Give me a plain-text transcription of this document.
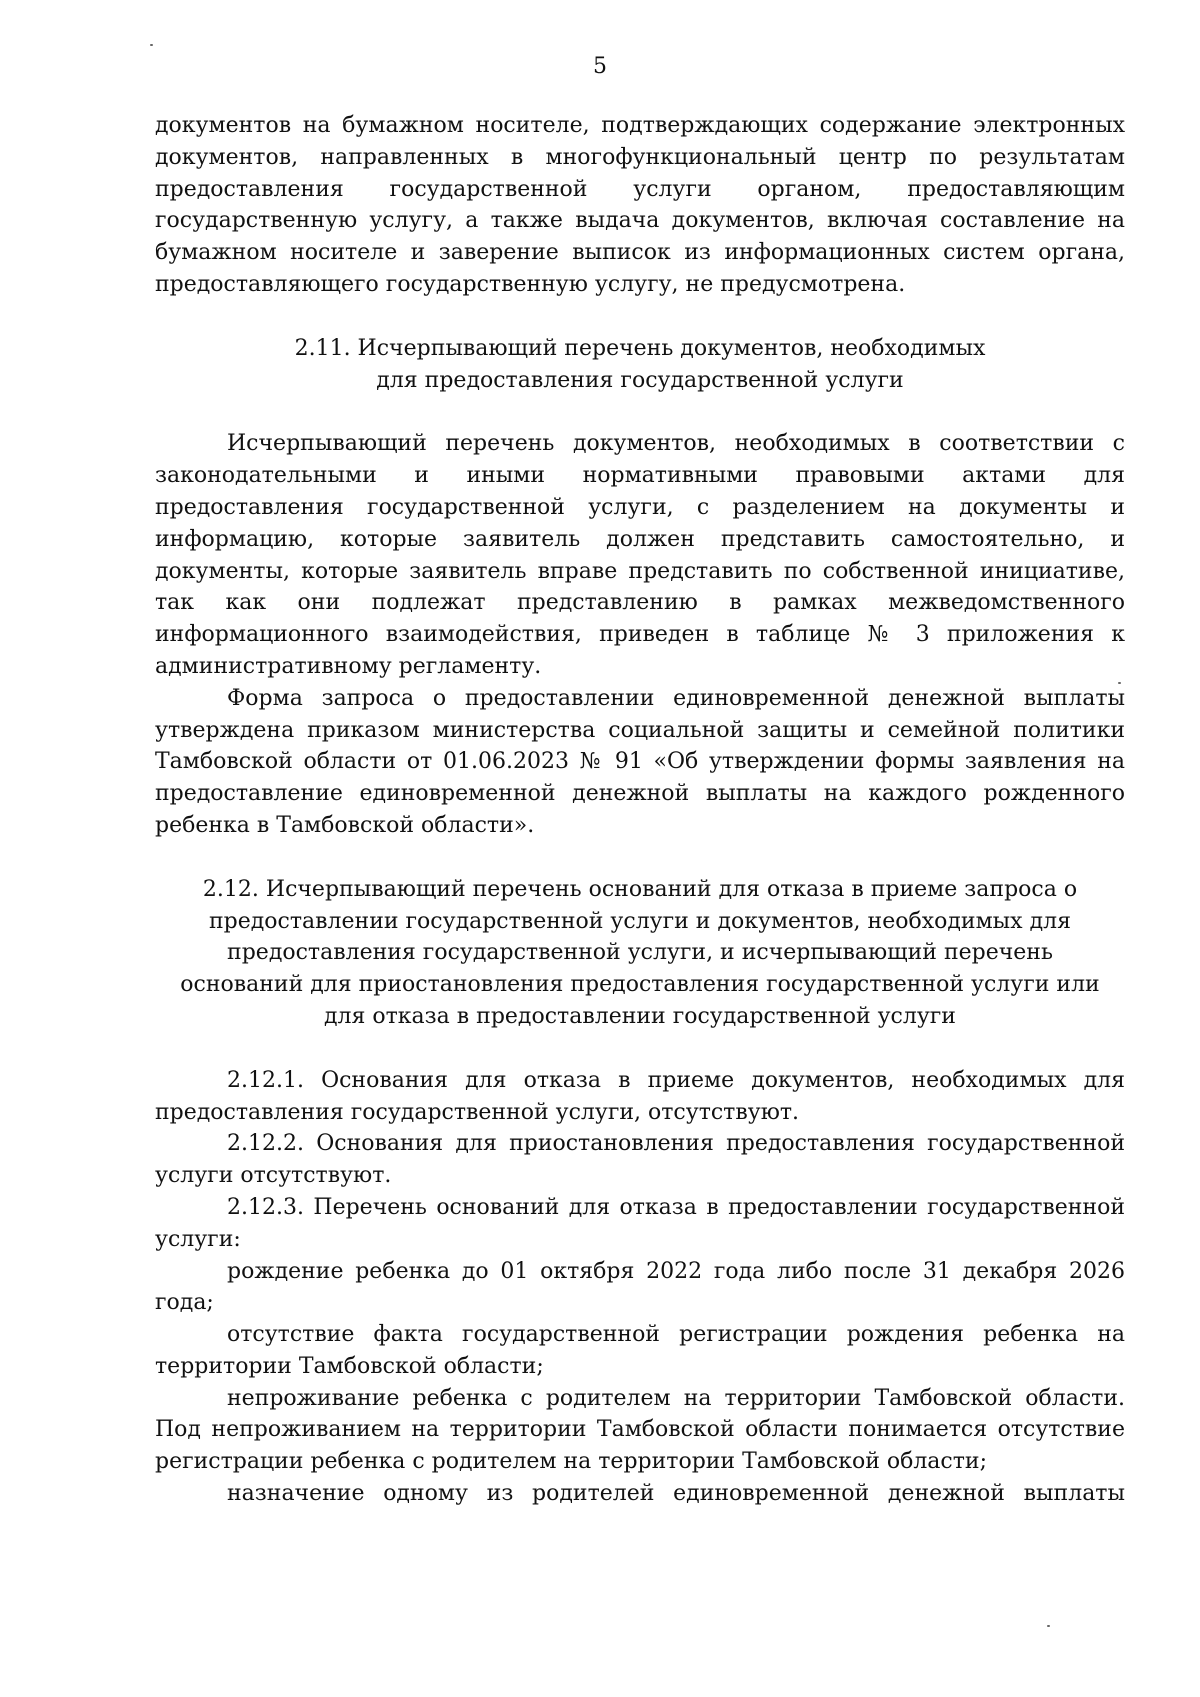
5

документов на бумажном носителе, подтверждающих содержание электронных документов, направленных в многофункциональный центр по результатам предоставления государственной услуги органом, предоставляющим государственную услугу, а также выдача документов, включая составление на бумажном носителе и заверение выписок из информационных систем органа, предоставляющего государственную услугу, не предусмотрена.

2.11. Исчерпывающий перечень документов, необходимых
для предоставления государственной услуги

Исчерпывающий перечень документов, необходимых в соответствии с законодательными и иными нормативными правовыми актами для предоставления государственной услуги, с разделением на документы и информацию, которые заявитель должен представить самостоятельно, и документы, которые заявитель вправе представить по собственной инициативе, так как они подлежат представлению в рамках межведомственного информационного взаимодействия, приведен в таблице № 3 приложения к административному регламенту.

Форма запроса о предоставлении единовременной денежной выплаты утверждена приказом министерства социальной защиты и семейной политики Тамбовской области от 01.06.2023 № 91 «Об утверждении формы заявления на предоставление единовременной денежной выплаты на каждого рожденного ребенка в Тамбовской области».

2.12. Исчерпывающий перечень оснований для отказа в приеме запроса о
предоставлении государственной услуги и документов, необходимых для
предоставления государственной услуги, и исчерпывающий перечень
оснований для приостановления предоставления государственной услуги или
для отказа в предоставлении государственной услуги

2.12.1. Основания для отказа в приеме документов, необходимых для предоставления государственной услуги, отсутствуют.

2.12.2. Основания для приостановления предоставления государственной услуги отсутствуют.

2.12.3. Перечень оснований для отказа в предоставлении государственной услуги:

рождение ребенка до 01 октября 2022 года либо после 31 декабря 2026 года;

отсутствие факта государственной регистрации рождения ребенка на территории Тамбовской области;

непроживание ребенка с родителем на территории Тамбовской области. Под непроживанием на территории Тамбовской области понимается отсутствие регистрации ребенка с родителем на территории Тамбовской области;

назначение одному из родителей единовременной денежной выплаты
